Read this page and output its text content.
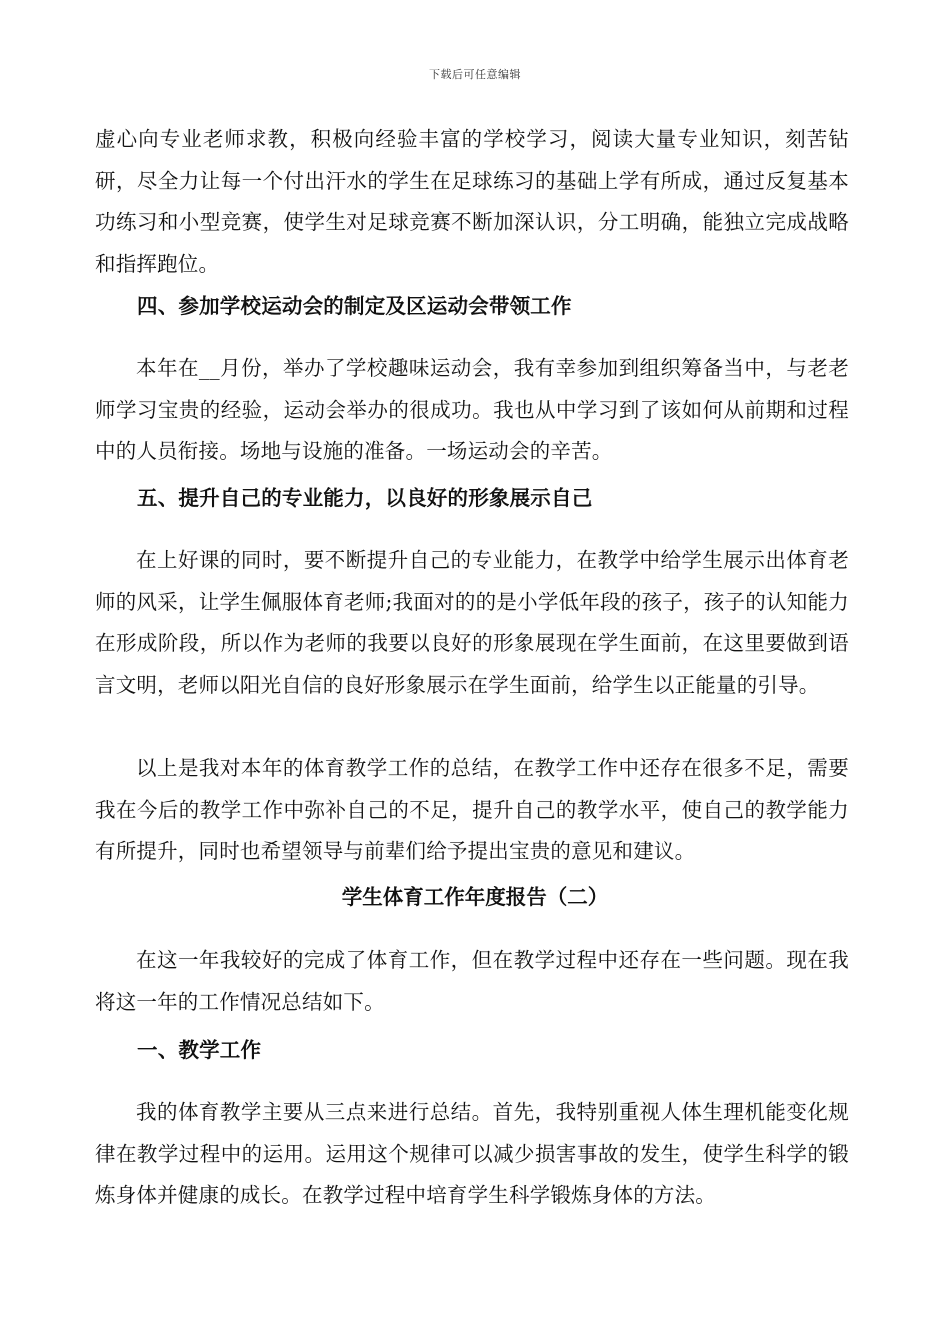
下载后可任意编辑

虚心向专业老师求教，积极向经验丰富的学校学习，阅读大量专业知识，刻苦钻研，尽全力让每一个付出汗水的学生在足球练习的基础上学有所成，通过反复基本功练习和小型竞赛，使学生对足球竞赛不断加深认识，分工明确，能独立完成战略和指挥跑位。

四、参加学校运动会的制定及区运动会带领工作

本年在__月份，举办了学校趣味运动会，我有幸参加到组织筹备当中，与老老师学习宝贵的经验，运动会举办的很成功。我也从中学习到了该如何从前期和过程中的人员衔接。场地与设施的准备。一场运动会的辛苦。

五、提升自己的专业能力，以良好的形象展示自己

在上好课的同时，要不断提升自己的专业能力，在教学中给学生展示出体育老师的风采，让学生佩服体育老师;我面对的的是小学低年段的孩子，孩子的认知能力在形成阶段，所以作为老师的我要以良好的形象展现在学生面前，在这里要做到语言文明，老师以阳光自信的良好形象展示在学生面前，给学生以正能量的引导。

以上是我对本年的体育教学工作的总结，在教学工作中还存在很多不足，需要我在今后的教学工作中弥补自己的不足，提升自己的教学水平，使自己的教学能力有所提升，同时也希望领导与前辈们给予提出宝贵的意见和建议。

学生体育工作年度报告（二）

在这一年我较好的完成了体育工作，但在教学过程中还存在一些问题。现在我将这一年的工作情况总结如下。

一、教学工作

我的体育教学主要从三点来进行总结。首先，我特别重视人体生理机能变化规律在教学过程中的运用。运用这个规律可以减少损害事故的发生，使学生科学的锻炼身体并健康的成长。在教学过程中培育学生科学锻炼身体的方法。
